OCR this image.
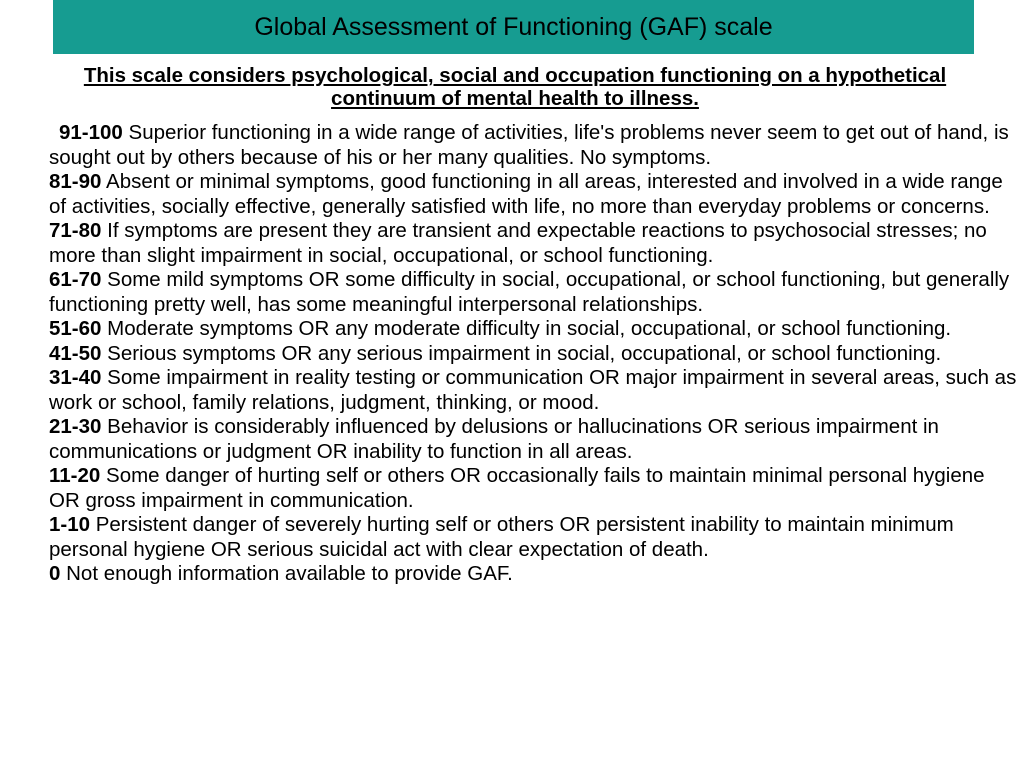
Global Assessment of Functioning (GAF) scale
This scale considers psychological, social and occupation functioning on a hypothetical continuum of mental health to illness.

91-100 Superior functioning in a wide range of activities, life's problems never seem to get out of hand, is sought out by others because of his or her many qualities. No symptoms.

81-90 Absent or minimal symptoms, good functioning in all areas, interested and involved in a wide range of activities, socially effective, generally satisfied with life, no more than everyday problems or concerns.

71-80 If symptoms are present they are transient and expectable reactions to psychosocial stresses; no more than slight impairment in social, occupational, or school functioning.

61-70 Some mild symptoms OR some difficulty in social, occupational, or school functioning, but generally functioning pretty well, has some meaningful interpersonal relationships.

51-60 Moderate symptoms OR any moderate difficulty in social, occupational, or school functioning.

41-50 Serious symptoms OR any serious impairment in social, occupational, or school functioning.

31-40 Some impairment in reality testing or communication OR major impairment in several areas, such as work or school, family relations, judgment, thinking, or mood.

21-30 Behavior is considerably influenced by delusions or hallucinations OR serious impairment in communications or judgment OR inability to function in all areas.

11-20 Some danger of hurting self or others OR occasionally fails to maintain minimal personal hygiene OR gross impairment in communication.

1-10 Persistent danger of severely hurting self or others OR persistent inability to maintain minimum personal hygiene OR serious suicidal act with clear expectation of death.

0 Not enough information available to provide GAF.
